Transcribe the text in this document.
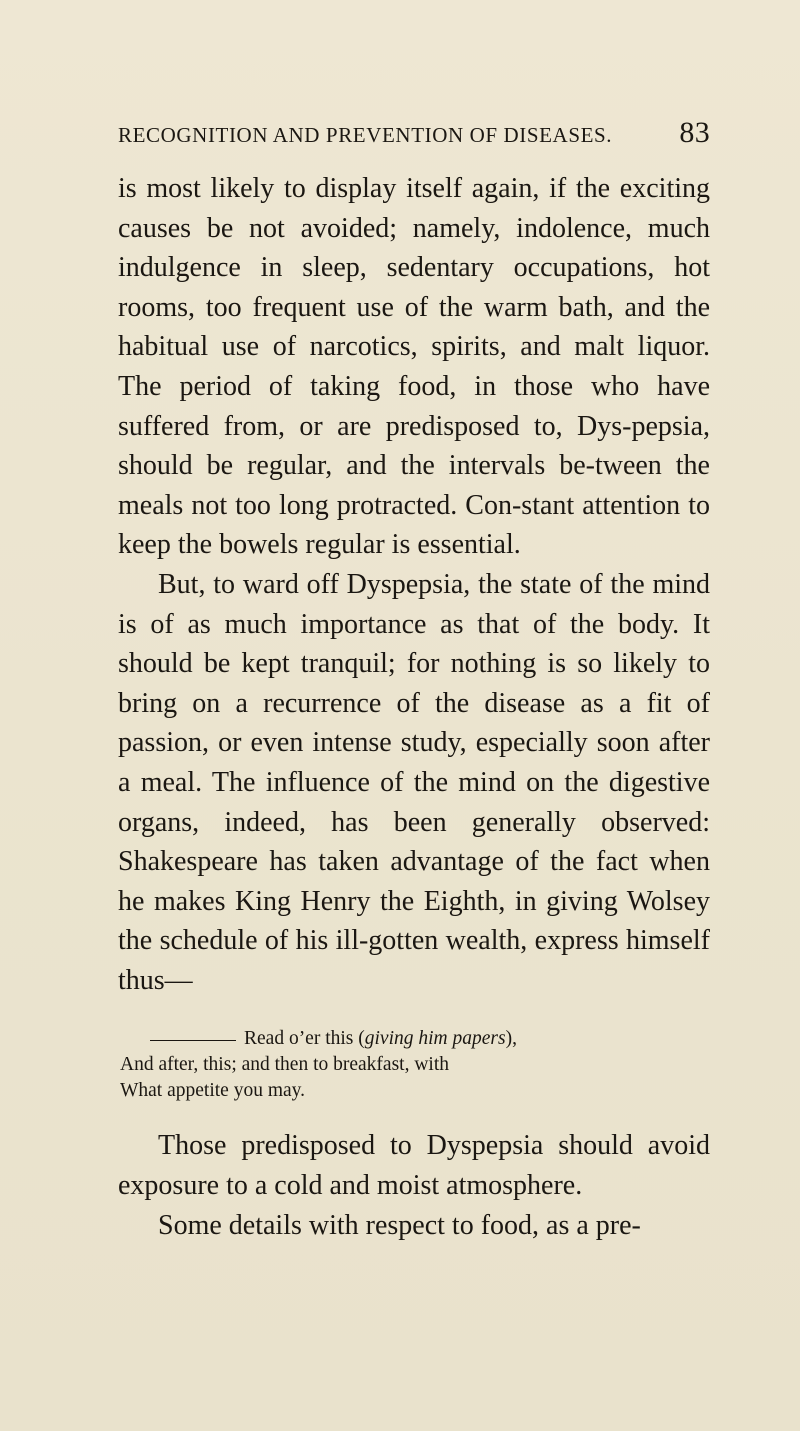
RECOGNITION AND PREVENTION OF DISEASES. 83

is most likely to display itself again, if the exciting causes be not avoided; namely, indolence, much indulgence in sleep, sedentary occupations, hot rooms, too frequent use of the warm bath, and the habitual use of narcotics, spirits, and malt liquor. The period of taking food, in those who have suffered from, or are predisposed to, Dys-pepsia, should be regular, and the intervals be-tween the meals not too long protracted. Con-stant attention to keep the bowels regular is essential.

But, to ward off Dyspepsia, the state of the mind is of as much importance as that of the body. It should be kept tranquil; for nothing is so likely to bring on a recurrence of the disease as a fit of passion, or even intense study, especially soon after a meal. The influence of the mind on the digestive organs, indeed, has been generally observed: Shakespeare has taken advantage of the fact when he makes King Henry the Eighth, in giving Wolsey the schedule of his ill-gotten wealth, express himself thus—

Read o’er this (giving him papers),
And after, this; and then to breakfast, with
What appetite you may.

Those predisposed to Dyspepsia should avoid exposure to a cold and moist atmosphere.

Some details with respect to food, as a pre-
